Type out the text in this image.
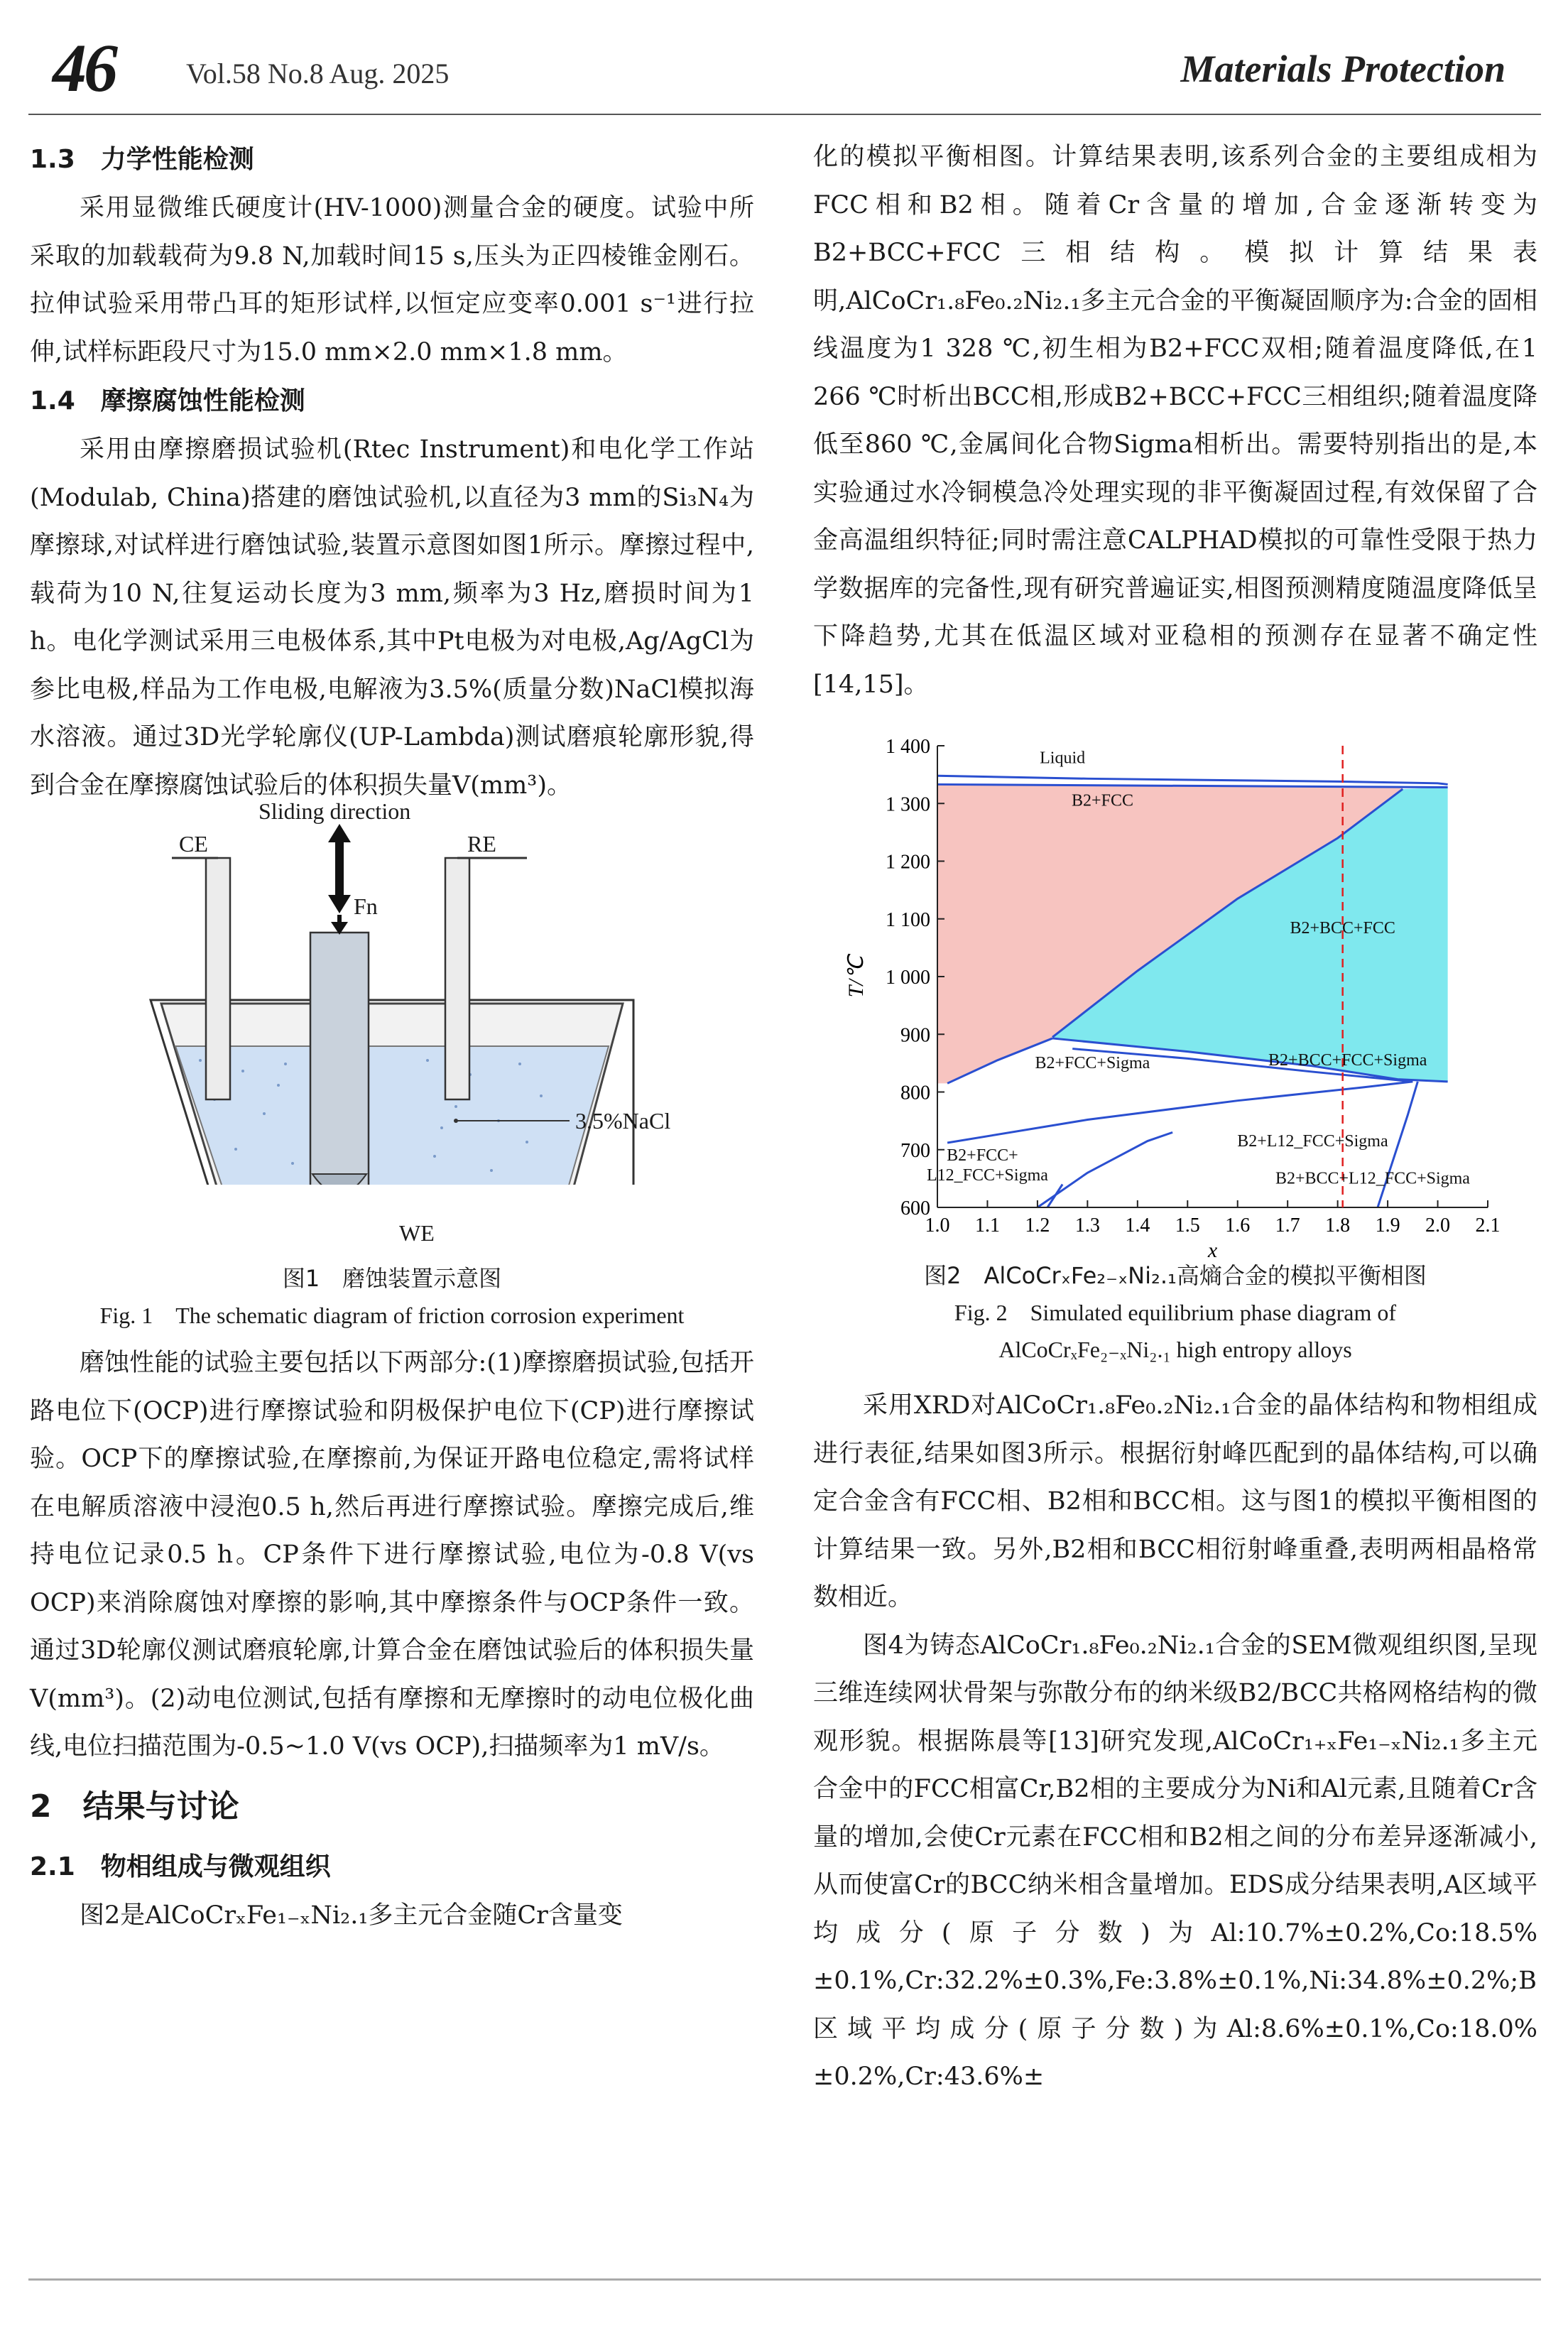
46	Vol.58 No.8 Aug. 2025	Materials Protection

1.3　力学性能检测

采用显微维氏硬度计(HV-1000)测量合金的硬度。试验中所采取的加载载荷为9.8 N,加载时间15 s,压头为正四棱锥金刚石。拉伸试验采用带凸耳的矩形试样,以恒定应变率0.001 s⁻¹进行拉伸,试样标距段尺寸为15.0 mm×2.0 mm×1.8 mm。

1.4　摩擦腐蚀性能检测

采用由摩擦磨损试验机(Rtec Instrument)和电化学工作站(Modulab, China)搭建的磨蚀试验机,以直径为3 mm的Si₃N₄为摩擦球,对试样进行磨蚀试验,装置示意图如图1所示。摩擦过程中,载荷为10 N,往复运动长度为3 mm,频率为3 Hz,磨损时间为1 h。电化学测试采用三电极体系,其中Pt电极为对电极,Ag/AgCl为参比电极,样品为工作电极,电解液为3.5%(质量分数)NaCl模拟海水溶液。通过3D光学轮廓仪(UP-Lambda)测试磨痕轮廓形貌,得到合金在摩擦腐蚀试验后的体积损失量V(mm³)。

Sliding direction
CE	RE
Fn
3.5%NaCl
WE

图1　磨蚀装置示意图

Fig. 1　The schematic diagram of friction corrosion experiment

磨蚀性能的试验主要包括以下两部分:(1)摩擦磨损试验,包括开路电位下(OCP)进行摩擦试验和阴极保护电位下(CP)进行摩擦试验。OCP下的摩擦试验,在摩擦前,为保证开路电位稳定,需将试样在电解质溶液中浸泡0.5 h,然后再进行摩擦试验。摩擦完成后,维持电位记录0.5 h。CP条件下进行摩擦试验,电位为-0.8 V(vs OCP)来消除腐蚀对摩擦的影响,其中摩擦条件与OCP条件一致。通过3D轮廓仪测试磨痕轮廓,计算合金在磨蚀试验后的体积损失量V(mm³)。(2)动电位测试,包括有摩擦和无摩擦时的动电位极化曲线,电位扫描范围为-0.5~1.0 V(vs OCP),扫描频率为1 mV/s。

2　结果与讨论

2.1　物相组成与微观组织

图2是AlCoCrₓFe₁₋ₓNi₂.₁多主元合金随Cr含量变

化的模拟平衡相图。计算结果表明,该系列合金的主要组成相为FCC相和B2相。随着Cr含量的增加,合金逐渐转变为B2+BCC+FCC三相结构。模拟计算结果表明,AlCoCr₁.₈Fe₀.₂Ni₂.₁多主元合金的平衡凝固顺序为:合金的固相线温度为1 328 ℃,初生相为B2+FCC双相;随着温度降低,在1 266 ℃时析出BCC相,形成B2+BCC+FCC三相组织;随着温度降低至860 ℃,金属间化合物Sigma相析出。需要特别指出的是,本实验通过水冷铜模急冷处理实现的非平衡凝固过程,有效保留了合金高温组织特征;同时需注意CALPHAD模拟的可靠性受限于热力学数据库的完备性,现有研究普遍证实,相图预测精度随温度降低呈下降趋势,尤其在低温区域对亚稳相的预测存在显著不确定性[14,15]。

1.0 1.1 1.2 1.3 1.4 1.5 1.6 1.7 1.8 1.9 2.0 2.1
600
700
800
900
1 000
1 100
1 200
1 300
1 400
Liquid
B2+FCC
B2+BCC+FCC
B2+FCC+Sigma	B2+BCC+FCC+Sigma
B2+L12_FCC+Sigma
B2+FCC+
L12_FCC+Sigma	B2+BCC+L12_FCC+Sigma
x
T/℃

图2　AlCoCrₓFe₂₋ₓNi₂.₁高熵合金的模拟平衡相图

Fig. 2　Simulated equilibrium phase diagram of

AlCoCrₓFe₂₋ₓNi₂.₁ high entropy alloys

采用XRD对AlCoCr₁.₈Fe₀.₂Ni₂.₁合金的晶体结构和物相组成进行表征,结果如图3所示。根据衍射峰匹配到的晶体结构,可以确定合金含有FCC相、B2相和BCC相。这与图1的模拟平衡相图的计算结果一致。另外,B2相和BCC相衍射峰重叠,表明两相晶格常数相近。

图4为铸态AlCoCr₁.₈Fe₀.₂Ni₂.₁合金的SEM微观组织图,呈现三维连续网状骨架与弥散分布的纳米级B2/BCC共格网格结构的微观形貌。根据陈晨等[13]研究发现,AlCoCr₁₊ₓFe₁₋ₓNi₂.₁多主元合金中的FCC相富Cr,B2相的主要成分为Ni和Al元素,且随着Cr含量的增加,会使Cr元素在FCC相和B2相之间的分布差异逐渐减小,从而使富Cr的BCC纳米相含量增加。EDS成分结果表明,A区域平均成分(原子分数)为Al:10.7%±0.2%,Co:18.5%±0.1%,Cr:32.2%±0.3%,Fe:3.8%±0.1%,Ni:34.8%±0.2%;B区域平均成分(原子分数)为Al:8.6%±0.1%,Co:18.0%±0.2%,Cr:43.6%±
